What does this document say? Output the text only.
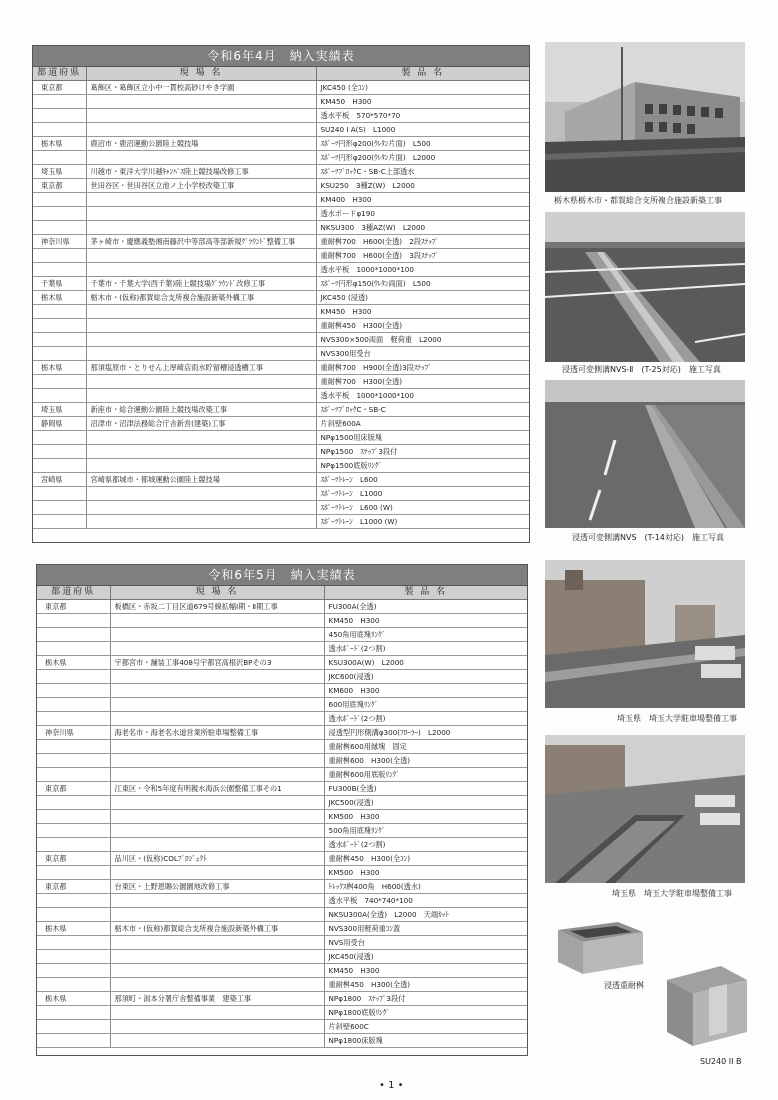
令和6年4月　納入実績表
都道府県	現 場 名	製 品 名
東京都	葛飾区・葛飾区立小中一貫校高砂けやき学園	JKC450 (全ｺﾝ)
		KM450　H300
		透水平板　570*570*70
		SU240 I A(S)　L1000
栃木県	鹿沼市・鹿沼運動公園陸上競技場	ｽﾎﾟｰﾂ円形φ200(ｳﾚﾀﾝ片面)　L500
		ｽﾎﾟｰﾂ円形φ200(ｳﾚﾀﾝ片面)　L2000
埼玉県	川越市・東洋大学川越ｷｬﾝﾊﾟｽ陸上競技場改修工事	ｽﾎﾟｰﾂﾌﾞﾛｯｸC・SB-C上部透水
東京都	世田谷区・世田谷区立池ノ上小学校改築工事	KSU250　3種Z(W)　L2000
		KM400　H300
		透水ボードφ190
		NKSU300　3種AZ(W)　L2000
神奈川県	茅ヶ崎市・慶應義塾湘南藤沢中等部高等部新規ｸﾞﾗｳﾝﾄﾞ整備工事	重耐桝700　H600(全透)　2段ｽﾃｯﾌﾟ
		重耐桝700　H600(全透)　3段ｽﾃｯﾌﾟ
		透水平板　1000*1000*100
千葉県	千葉市・千葉大学(西千葉)陸上競技場ｸﾞﾗｳﾝﾄﾞ改修工事	ｽﾎﾟｰﾂ円形φ150(ｳﾚﾀﾝ両面)　L500
栃木県	栃木市・(仮称)都賀総合支所複合施設新築外構工事	JKC450 (浸透)
		KM450　H300
		重耐桝450　H300(全透)
		NVS300×500両面　軽荷重　L2000
		NVS300用受台
栃木県	那須塩原市・とりせん上厚崎店雨水貯留槽浸透槽工事	重耐桝700　H900(全透)3段ｽﾃｯﾌﾟ
		重耐桝700　H300(全透)
		透水平板　1000*1000*100
埼玉県	新座市・総合運動公園陸上競技場改築工事	ｽﾎﾟｰﾂﾌﾞﾛｯｸC・SB-C
静岡県	沼津市・沼津法務総合庁舎新営(建築)工事	片斜壁600A
		NPφ1500用床版塊
		NPφ1500　ｽﾃｯﾌﾟ3段付
		NPφ1500底版ﾘﾝｸﾞ
宮崎県	宮崎県都城市・都城運動公園陸上競技場	ｽﾎﾟｰﾂﾄﾚｰﾝ　L600
		ｽﾎﾟｰﾂﾄﾚｰﾝ　L1000
		ｽﾎﾟｰﾂﾄﾚｰﾝ　L600 (W)
		ｽﾎﾟｰﾂﾄﾚｰﾝ　L1000 (W)
令和6年5月　納入実績表
都道府県	現 場 名	製 品 名
東京都	板橋区・赤坂二丁目区道679号線拡幅Ⅰ期・Ⅱ期工事	FU300A(全透)
		KM450　H300
		450角用底塊ﾘﾝｸﾞ
		透水ﾎﾞｰﾄﾞ(2つ割)
栃木県	宇都宮市・舗装工事408号宇都宮高根沢BPその3	KSU300A(W)　L2000
		JKC600(浸透)
		KM600　H300
		600用底塊ﾘﾝｸﾞ
		透水ﾎﾞｰﾄﾞ(2つ割)
神奈川県	海老名市・海老名水道営業所駐車場整備工事	浸透型円形側溝φ300(ﾌﾛｰﾗｰ)　L2000
		重耐桝600用縁塊　固定
		重耐桝600　H300(全透)
		重耐桝600用底版ﾘﾝｸﾞ
東京都	江東区・令和5年度有明親水海浜公園整備工事その1	FU300B(全透)
		JKC500(浸透)
		KM500　H300
		500角用底塊ﾘﾝｸﾞ
		透水ﾎﾞｰﾄﾞ(2つ割)
東京都	品川区・(仮称)COLﾌﾟﾛｼﾞｪｸﾄ	重耐桝450　H300(全ｺﾝ)
		KM500　H300
東京都	台東区・上野恩賜公園園地改修工事	ﾄﾚｯｸｽ桝400角　H600(透水)
		透水平板　740*740*100
		NKSU300A(全透)　L2000　天端ｶｯﾄ
栃木県	栃木市・(仮称)都賀総合支所複合施設新築外構工事	NVS300用軽荷重ｺﾝ蓋
		NVS用受台
		JKC450(浸透)
		KM450　H300
		重耐桝450　H300(全透)
栃木県	那須町・潟本分署庁舎整備事業　建築工事	NPφ1800　ｽﾃｯﾌﾟ3段付
		NPφ1800底版ﾘﾝｸﾞ
		片斜壁600C
		NPφ1800床版塊
栃木県栃木市・都賀総合支所複合施設新築工事
浸透可変側溝NVS-Ⅱ　(T-25対応)　施工写真
浸透可変側溝NVS　(T-14対応)　施工写真
埼玉県　埼玉大学駐車場整備工事
埼玉県　埼玉大学駐車場整備工事
浸透重耐桝
SU240 II B
• 1 •
